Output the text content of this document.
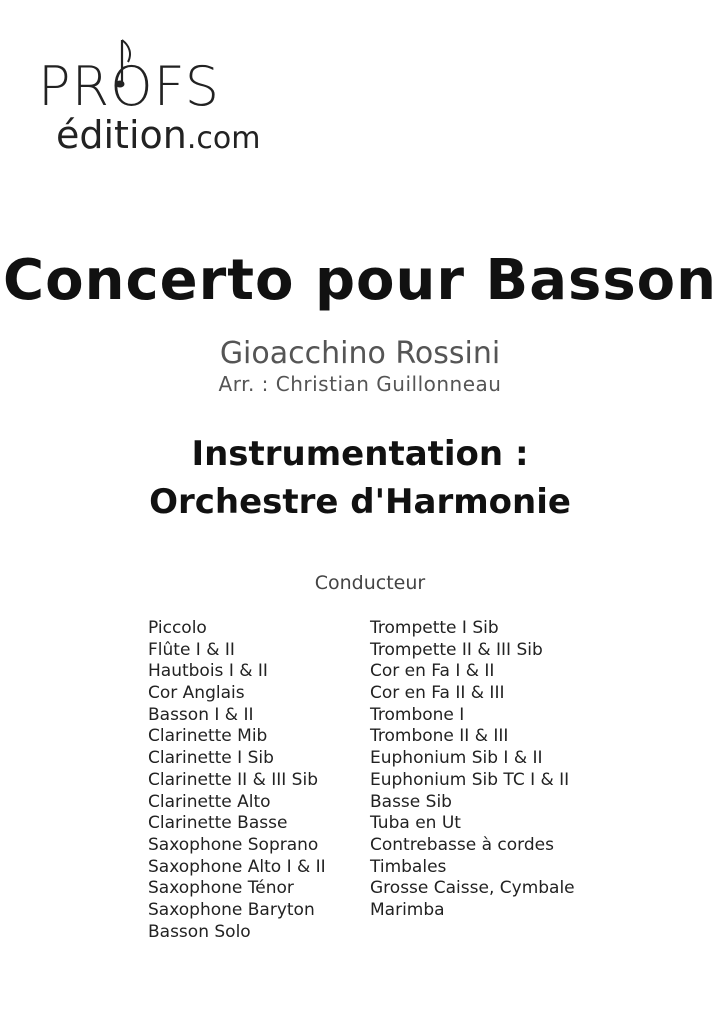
PROFS
édition.com
Concerto pour Basson
Gioacchino Rossini
Arr. : Christian Guillonneau
Instrumentation :
Orchestre d'Harmonie
Conducteur
Piccolo
Flûte I & II
Hautbois I & II
Cor Anglais
Basson I & II
Clarinette Mib
Clarinette I Sib
Clarinette II & III Sib
Clarinette Alto
Clarinette Basse
Saxophone Soprano
Saxophone Alto I & II
Saxophone Ténor
Saxophone Baryton
Basson Solo
Trompette I Sib
Trompette II & III Sib
Cor en Fa I & II
Cor en Fa II & III
Trombone I
Trombone II & III
Euphonium Sib I & II
Euphonium Sib TC I & II
Basse Sib
Tuba en Ut
Contrebasse à cordes
Timbales
Grosse Caisse, Cymbale
Marimba
